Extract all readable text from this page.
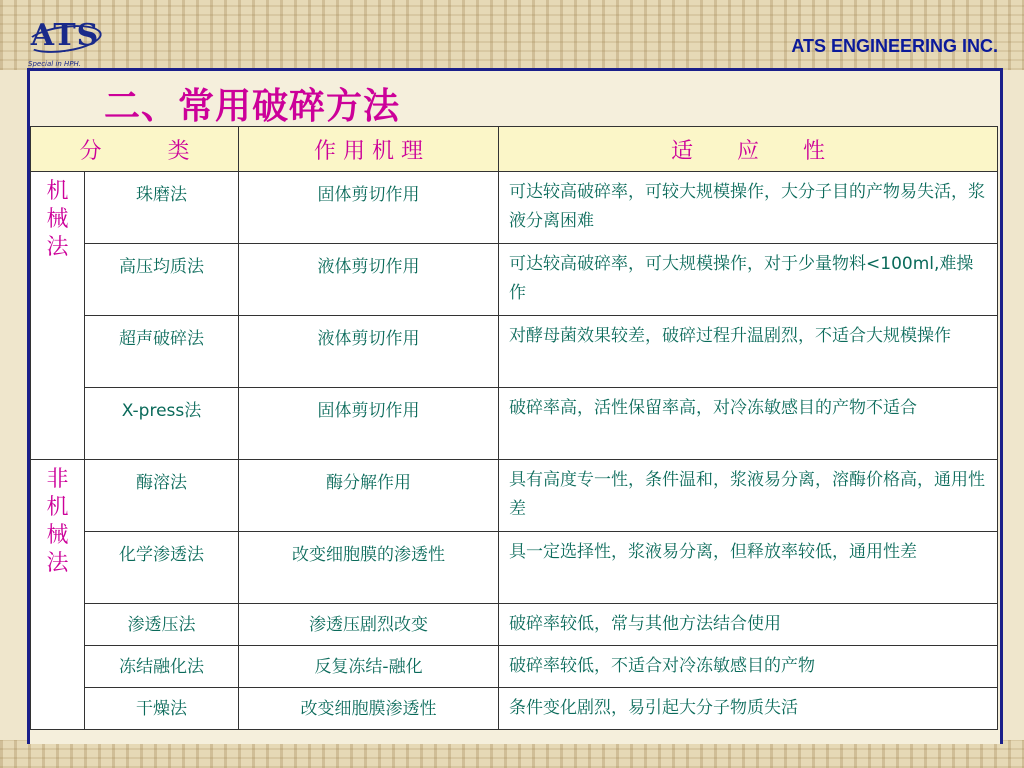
ATS
Special in HPH.
ATS ENGINEERING INC.
二、常用破碎方法
分　　　类		作 用 机 理	适　　应　　性

机械法	珠磨法	固体剪切作用	可达较高破碎率，可较大规模操作，大分子目的产物易失活，浆液分离困难
	高压均质法	液体剪切作用	可达较高破碎率，可大规模操作，对于少量物料<100ml,难操作
	超声破碎法	液体剪切作用	对酵母菌效果较差，破碎过程升温剧烈，不适合大规模操作
	X-press法	固体剪切作用	破碎率高，活性保留率高，对冷冻敏感目的产物不适合

非机械法	酶溶法	酶分解作用	具有高度专一性，条件温和，浆液易分离，溶酶价格高，通用性差
	化学渗透法	改变细胞膜的渗透性	具一定选择性，浆液易分离，但释放率较低，通用性差
	渗透压法	渗透压剧烈改变	破碎率较低，常与其他方法结合使用
	冻结融化法	反复冻结-融化	破碎率较低，不适合对冷冻敏感目的产物
	干燥法	改变细胞膜渗透性	条件变化剧烈，易引起大分子物质失活
